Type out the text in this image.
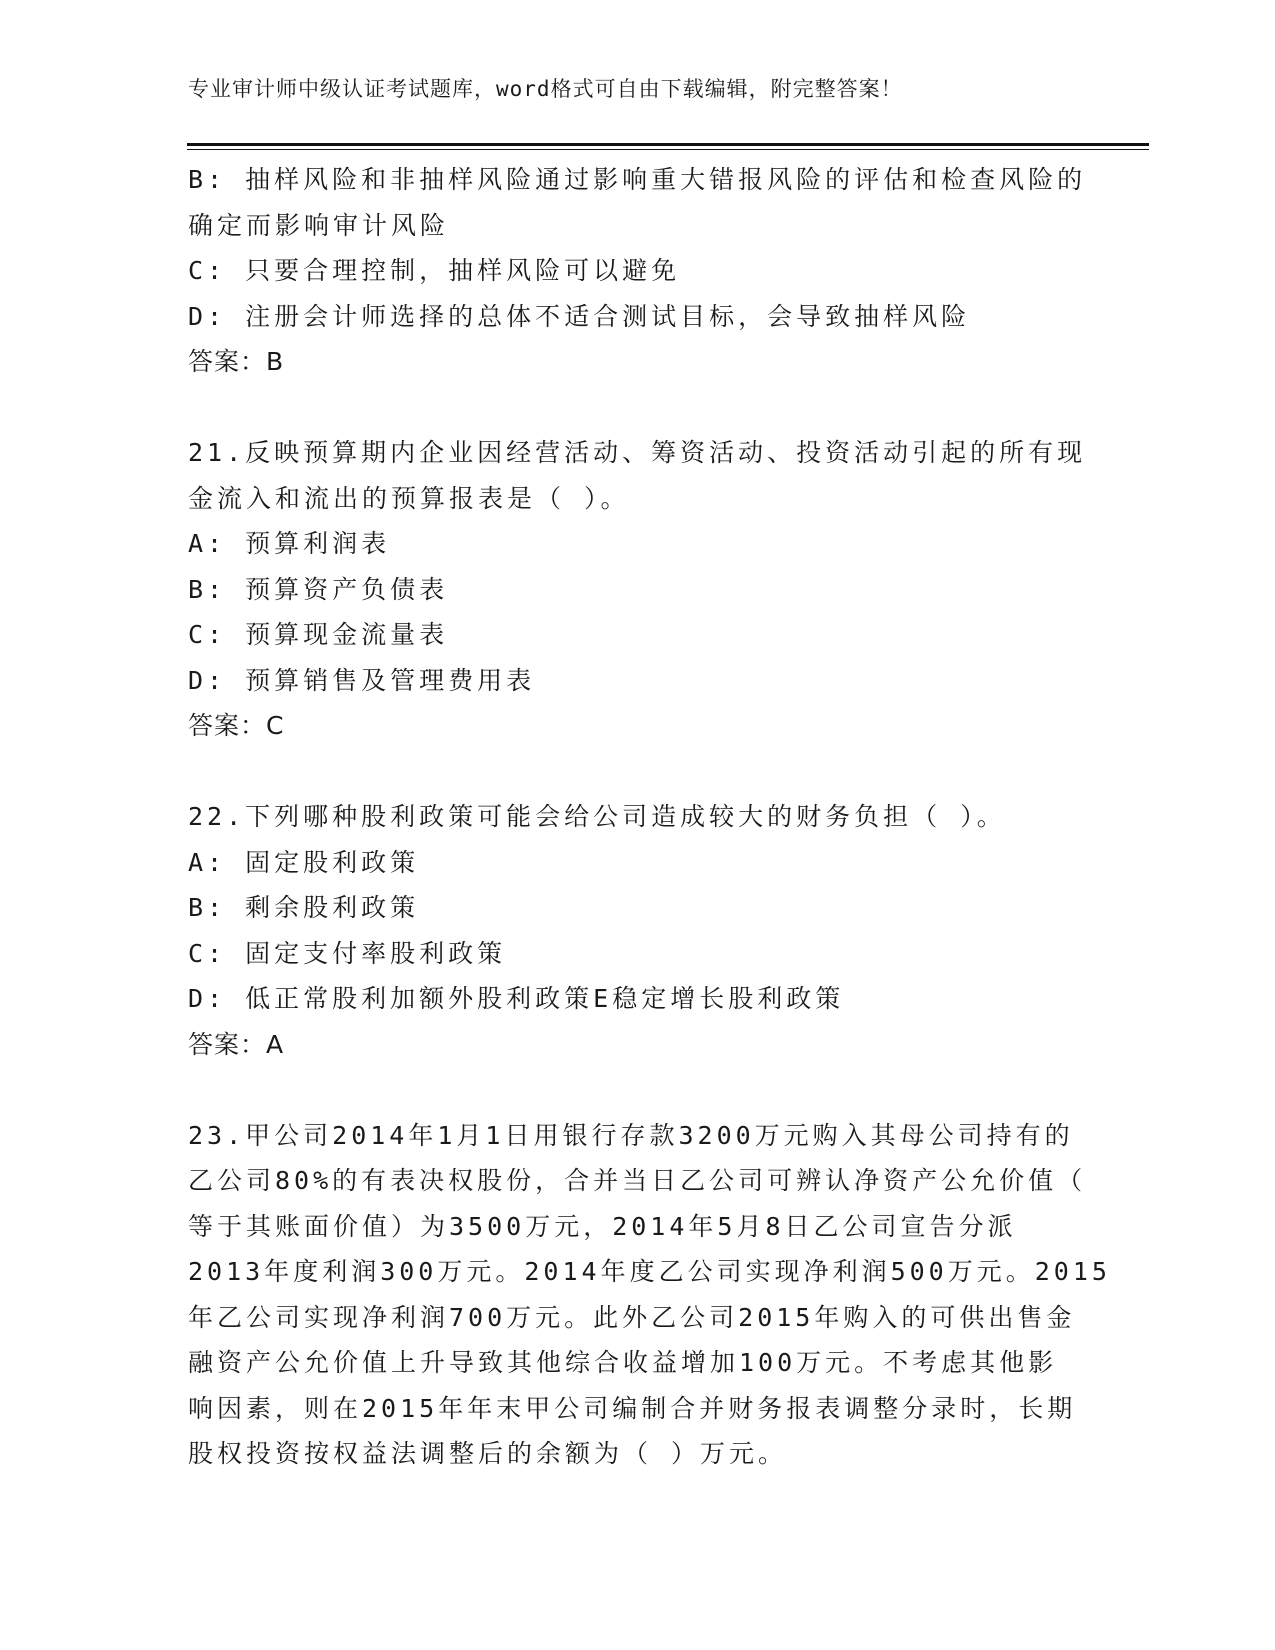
专业审计师中级认证考试题库，word格式可自由下载编辑，附完整答案！
B: 抽样风险和非抽样风险通过影响重大错报风险的评估和检查风险的
确定而影响审计风险
C: 只要合理控制，抽样风险可以避免
D: 注册会计师选择的总体不适合测试目标，会导致抽样风险
答案：B
21.反映预算期内企业因经营活动、筹资活动、投资活动引起的所有现
金流入和流出的预算报表是（ ）。
A: 预算利润表
B: 预算资产负债表
C: 预算现金流量表
D: 预算销售及管理费用表
答案：C
22.下列哪种股利政策可能会给公司造成较大的财务负担（ ）。
A: 固定股利政策
B: 剩余股利政策
C: 固定支付率股利政策
D: 低正常股利加额外股利政策E稳定增长股利政策
答案：A
23.甲公司2014年1月1日用银行存款3200万元购入其母公司持有的
乙公司80%的有表决权股份，合并当日乙公司可辨认净资产公允价值（
等于其账面价值）为3500万元，2014年5月8日乙公司宣告分派
2013年度利润300万元。2014年度乙公司实现净利润500万元。2015
年乙公司实现净利润700万元。此外乙公司2015年购入的可供出售金
融资产公允价值上升导致其他综合收益增加100万元。不考虑其他影
响因素，则在2015年年末甲公司编制合并财务报表调整分录时，长期
股权投资按权益法调整后的余额为（ ）万元。
